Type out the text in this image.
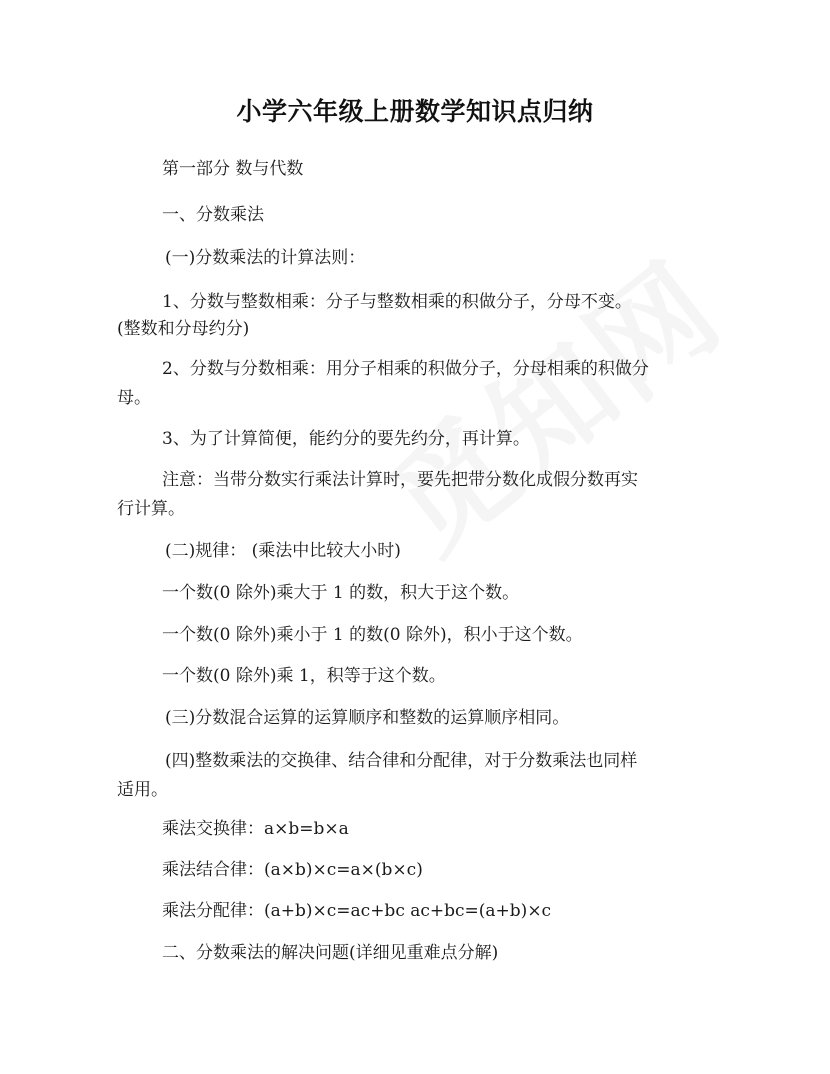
小学六年级上册数学知识点归纳
第一部分 数与代数
一、分数乘法
(一)分数乘法的计算法则：
1、分数与整数相乘：分子与整数相乘的积做分子，分母不变。
(整数和分母约分)
2、分数与分数相乘：用分子相乘的积做分子，分母相乘的积做分
母。
3、为了计算简便，能约分的要先约分，再计算。
注意：当带分数实行乘法计算时，要先把带分数化成假分数再实
行计算。
(二)规律： (乘法中比较大小时)
一个数(0 除外)乘大于 1 的数，积大于这个数。
一个数(0 除外)乘小于 1 的数(0 除外)，积小于这个数。
一个数(0 除外)乘 1，积等于这个数。
(三)分数混合运算的运算顺序和整数的运算顺序相同。
(四)整数乘法的交换律、结合律和分配律，对于分数乘法也同样
适用。
乘法交换律：a×b=b×a
乘法结合律：(a×b)×c=a×(b×c)
乘法分配律：(a+b)×c=ac+bc ac+bc=(a+b)×c
二、分数乘法的解决问题(详细见重难点分解)
